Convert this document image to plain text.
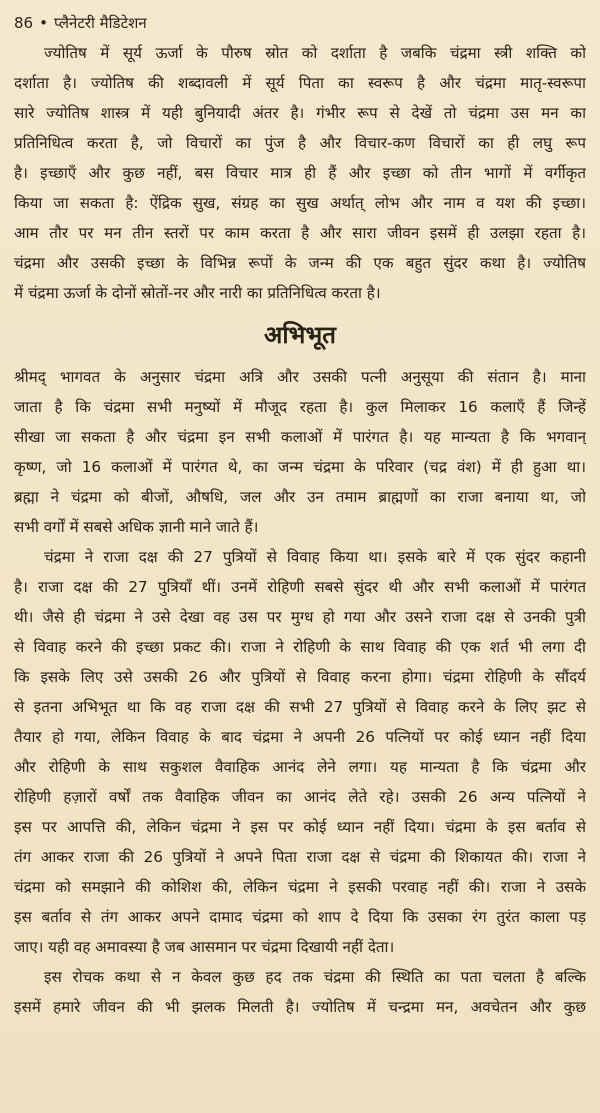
86 • प्लैनेटरी मैडिटेशन
ज्योतिष में सूर्य ऊर्जा के पौरुष स्रोत को दर्शाता है जबकि चंद्रमा स्त्री शक्ति को
दर्शाता है। ज्योतिष की शब्दावली में सूर्य पिता का स्वरूप है और चंद्रमा मातृ-स्वरूपा
सारे ज्योतिष शास्त्र में यही बुनियादी अंतर है। गंभीर रूप से देखें तो चंद्रमा उस मन का
प्रतिनिधित्व करता है, जो विचारों का पुंज है और विचार-कण विचारों का ही लघु रूप
है। इच्छाएँ और कुछ नहीं, बस विचार मात्र ही हैं और इच्छा को तीन भागों में वर्गीकृत
किया जा सकता है: ऐंद्रिक सुख, संग्रह का सुख अर्थात् लोभ और नाम व यश की इच्छा।
आम तौर पर मन तीन स्तरों पर काम करता है और सारा जीवन इसमें ही उलझा रहता है।
चंद्रमा और उसकी इच्छा के विभिन्न रूपों के जन्म की एक बहुत सुंदर कथा है। ज्योतिष
में चंद्रमा ऊर्जा के दोनों स्रोतों-नर और नारी का प्रतिनिधित्व करता है।
अभिभूत
श्रीमद् भागवत के अनुसार चंद्रमा अत्रि और उसकी पत्नी अनुसूया की संतान है। माना
जाता है कि चंद्रमा सभी मनुष्यों में मौजूद रहता है। कुल मिलाकर 16 कलाएँ हैं जिन्हें
सीखा जा सकता है और चंद्रमा इन सभी कलाओं में पारंगत है। यह मान्यता है कि भगवान्
कृष्ण, जो 16 कलाओं में पारंगत थे, का जन्म चंद्रमा के परिवार (चद्र वंश) में ही हुआ था।
ब्रह्मा ने चंद्रमा को बीजों, औषधि, जल और उन तमाम ब्राह्मणों का राजा बनाया था, जो
सभी वर्गों में सबसे अधिक ज्ञानी माने जाते हैं।
चंद्रमा ने राजा दक्ष की 27 पुत्रियों से विवाह किया था। इसके बारे में एक सुंदर कहानी
है। राजा दक्ष की 27 पुत्रियाँ थीं। उनमें रोहिणी सबसे सुंदर थी और सभी कलाओं में पारंगत
थी। जैसे ही चंद्रमा ने उसे देखा वह उस पर मुग्ध हो गया और उसने राजा दक्ष से उनकी पुत्री
से विवाह करने की इच्छा प्रकट की। राजा ने रोहिणी के साथ विवाह की एक शर्त भी लगा दी
कि इसके लिए उसे उसकी 26 और पुत्रियों से विवाह करना होगा। चंद्रमा रोहिणी के सौंदर्य
से इतना अभिभूत था कि वह राजा दक्ष की सभी 27 पुत्रियों से विवाह करने के लिए झट से
तैयार हो गया, लेकिन विवाह के बाद चंद्रमा ने अपनी 26 पत्नियों पर कोई ध्यान नहीं दिया
और रोहिणी के साथ सकुशल वैवाहिक आनंद लेने लगा। यह मान्यता है कि चंद्रमा और
रोहिणी हज़ारों वर्षों तक वैवाहिक जीवन का आनंद लेते रहे। उसकी 26 अन्य पत्नियों ने
इस पर आपत्ति की, लेकिन चंद्रमा ने इस पर कोई ध्यान नहीं दिया। चंद्रमा के इस बर्ताव से
तंग आकर राजा की 26 पुत्रियों ने अपने पिता राजा दक्ष से चंद्रमा की शिकायत की। राजा ने
चंद्रमा को समझाने की कोशिश की, लेकिन चंद्रमा ने इसकी परवाह नहीं की। राजा ने उसके
इस बर्ताव से तंग आकर अपने दामाद चंद्रमा को शाप दे दिया कि उसका रंग तुरंत काला पड़
जाए। यही वह अमावस्या है जब आसमान पर चंद्रमा दिखायी नहीं देता।
इस रोचक कथा से न केवल कुछ हद तक चंद्रमा की स्थिति का पता चलता है बल्कि
इसमें हमारे जीवन की भी झलक मिलती है। ज्योतिष में चन्द्रमा मन, अवचेतन और कुछ
